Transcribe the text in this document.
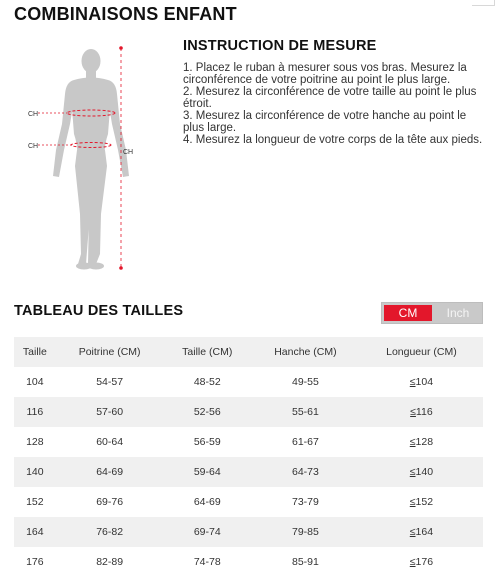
COMBINAISONS ENFANT
CH
CH
CH
INSTRUCTION DE MESURE

1. Placez le ruban à mesurer sous vos bras. Mesurez la circonférence de votre poitrine au point le plus large.

2. Mesurez la circonférence de votre taille au point le plus étroit.

3. Mesurez la circonférence de votre hanche au point le plus large.

4. Mesurez la longueur de votre corps de la tête aux pieds.

TABLEAU DES TAILLES	CM	Inch
Taille	Poitrine (CM)	Taille (CM)	Hanche (CM)	Longueur (CM)
104	54-57	48-52	49-55	≤104
116	57-60	52-56	55-61	≤116
128	60-64	56-59	61-67	≤128
140	64-69	59-64	64-73	≤140
152	69-76	64-69	73-79	≤152
164	76-82	69-74	79-85	≤164
176	82-89	74-78	85-91	≤176
